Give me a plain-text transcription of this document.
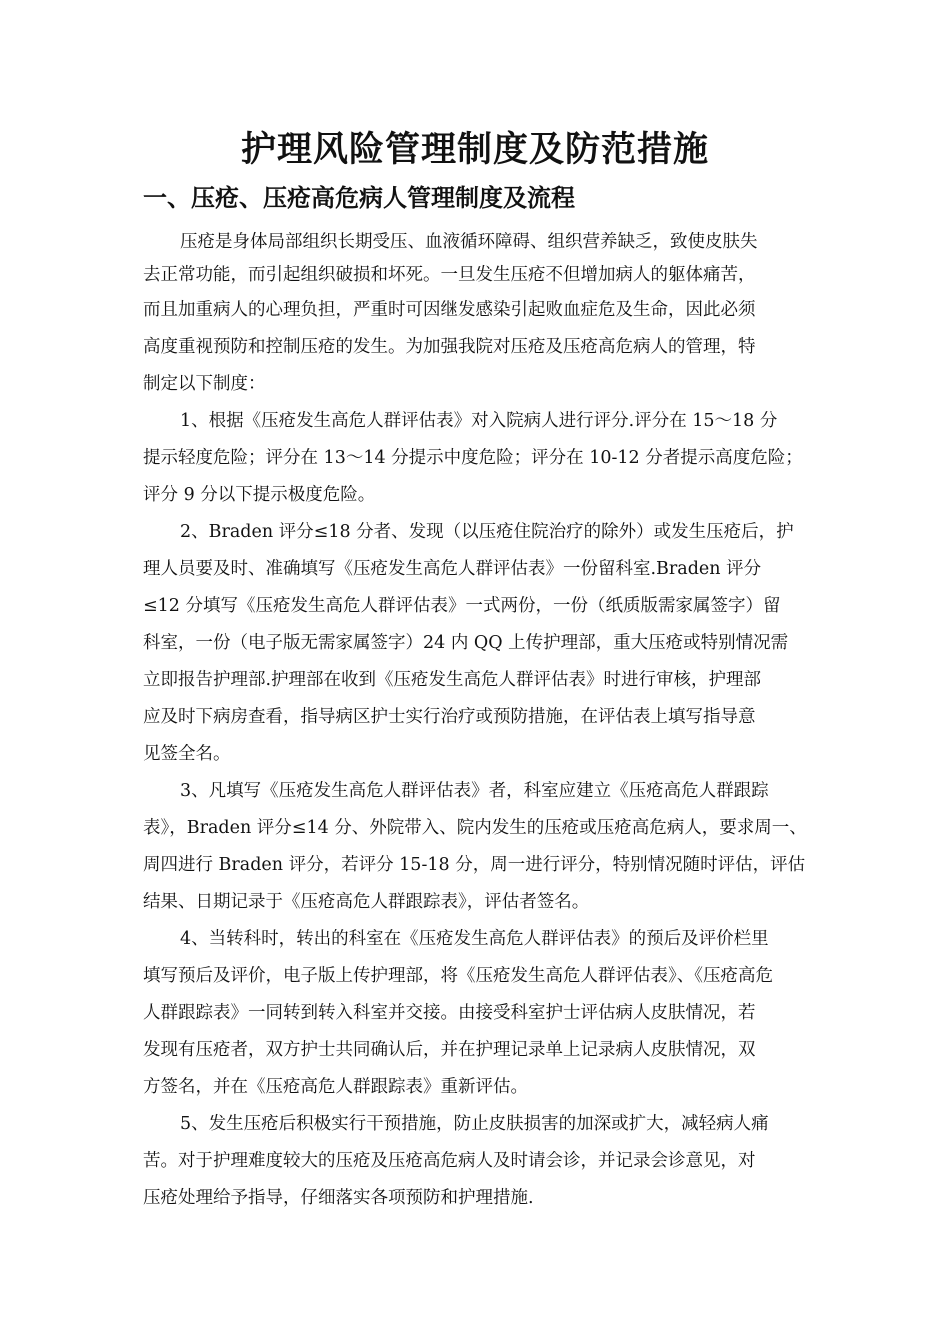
护理风险管理制度及防范措施
一、压疮、压疮高危病人管理制度及流程
压疮是身体局部组织长期受压、血液循环障碍、组织营养缺乏，致使皮肤失
去正常功能，而引起组织破损和坏死。一旦发生压疮不但增加病人的躯体痛苦，
而且加重病人的心理负担，严重时可因继发感染引起败血症危及生命，因此必须
高度重视预防和控制压疮的发生。为加强我院对压疮及压疮高危病人的管理，特
制定以下制度：
1、根据《压疮发生高危人群评估表》对入院病人进行评分.评分在 15～18 分
提示轻度危险；评分在 13～14 分提示中度危险；评分在 10-12 分者提示高度危险；
评分 9 分以下提示极度危险。
2、Braden 评分≤18 分者、发现（以压疮住院治疗的除外）或发生压疮后，护
理人员要及时、准确填写《压疮发生高危人群评估表》一份留科室.Braden 评分
≤12 分填写《压疮发生高危人群评估表》一式两份，一份（纸质版需家属签字）留
科室，一份（电子版无需家属签字）24 内 QQ 上传护理部，重大压疮或特别情况需
立即报告护理部.护理部在收到《压疮发生高危人群评估表》时进行审核，护理部
应及时下病房查看，指导病区护士实行治疗或预防措施，在评估表上填写指导意
见签全名。
3、凡填写《压疮发生高危人群评估表》者，科室应建立《压疮高危人群跟踪
表》，Braden 评分≤14 分、外院带入、院内发生的压疮或压疮高危病人，要求周一、
周四进行 Braden 评分，若评分 15-18 分，周一进行评分，特别情况随时评估，评估
结果、日期记录于《压疮高危人群跟踪表》，评估者签名。
4、当转科时，转出的科室在《压疮发生高危人群评估表》的预后及评价栏里
填写预后及评价，电子版上传护理部，将《压疮发生高危人群评估表》、《压疮高危
人群跟踪表》一同转到转入科室并交接。由接受科室护士评估病人皮肤情况，若
发现有压疮者，双方护士共同确认后，并在护理记录单上记录病人皮肤情况，双
方签名，并在《压疮高危人群跟踪表》重新评估。
5、发生压疮后积极实行干预措施，防止皮肤损害的加深或扩大，减轻病人痛
苦。对于护理难度较大的压疮及压疮高危病人及时请会诊，并记录会诊意见，对
压疮处理给予指导，仔细落实各项预防和护理措施.
